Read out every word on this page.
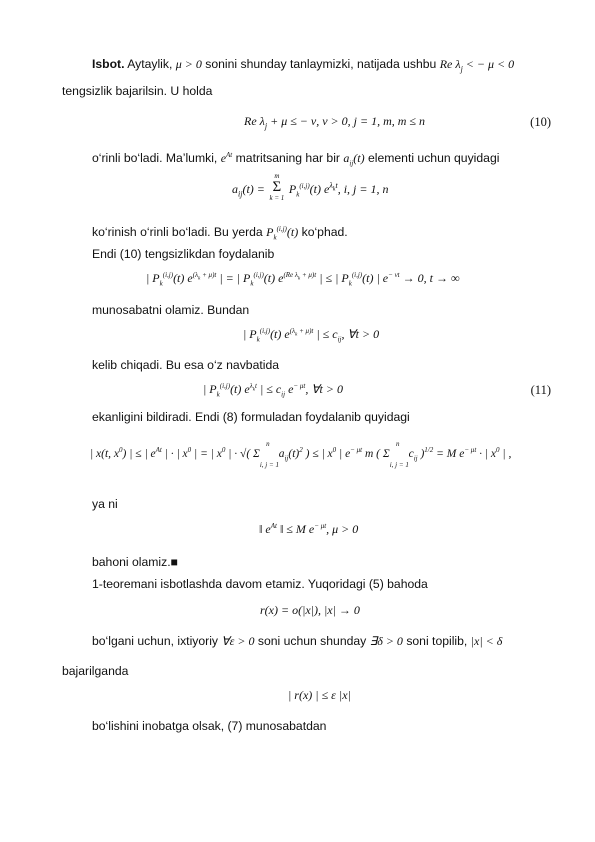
Isbot. Aytaylik, μ > 0 sonini shunday tanlaymizki, natijada ushbu Re $\lambda_j$ < − μ < 0
tengsizlik bajarilsin. U holda
Re $\lambda_j + \mu$ ≤ − ν, ν > 0, j = 1, m, m ≤ n	(10)
o‘rinli bo‘ladi. Ma’lumki, $e^{At}$ matritsaning har bir $a_{ij}(t)$ elementi uchun quyidagi
$a_{ij}(t)$ =
m
Σ
k = 1
$P_k^{(i,j)}(t)$ $e^{\lambda_kt}$, i, j = 1, n
ko‘rinish o‘rinli bo‘ladi. Bu yerda $P_k^{(i,j)}(t)$ ko‘phad.
Endi (10) tengsizlikdan foydalanib
| $P_k^{(i,j)}(t)$ $e^{(\lambda_k + \mu)t}$ | = | $P_k^{(i,j)}(t)$ $e^{(Re \lambda_k + \mu)t}$ | ≤ | $P_k^{(i,j)}(t)$ | $e^{- \nu t} \to 0$, t → ∞
munosabatni olamiz. Bundan
| $P_k^{(i,j)}(t)$ $e^{(\lambda_k + \mu)t}$ | ≤ $c_{ij}$, ∀t > 0
kelib chiqadi. Bu esa o‘z navbatida
| $P_k^{(i,j)}(t)$ $e^{\lambda_kt}$ | ≤ $c_{ij}$ $e^{- \mu t}$, ∀t > 0	(11)
ekanligini bildiradi. Endi (8) formuladan foydalanib quyidagi
| x(t, $x^0$) | ≤ | $e^{At}$ | · | $x^0$ | = | $x^0$ | · √( Σ
n
i, j = 1
$a_{ij}(t)^2$ ) ≤ | $x^0$ | $e^{- \mu t}$ m ( Σ
n
i, j = 1
$c_{ij}$ )$^{1/2}$ = M $e^{- \mu t}$ · | $x^0$ | ,
ya ni
‖ $e^{At}$ ‖ ≤ M $e^{- \mu t}$, μ > 0
bahoni olamiz.■
1-teoremani isbotlashda davom etamiz. Yuqoridagi (5) bahoda
r(x) = o(|x|), |x| → 0
bo‘lgani uchun, ixtiyoriy ∀ε > 0 soni uchun shunday ∃δ > 0 soni topilib, |x| < δ
bajarilganda
| r(x) | ≤ ε |x|
bo‘lishini inobatga olsak, (7) munosabatdan
